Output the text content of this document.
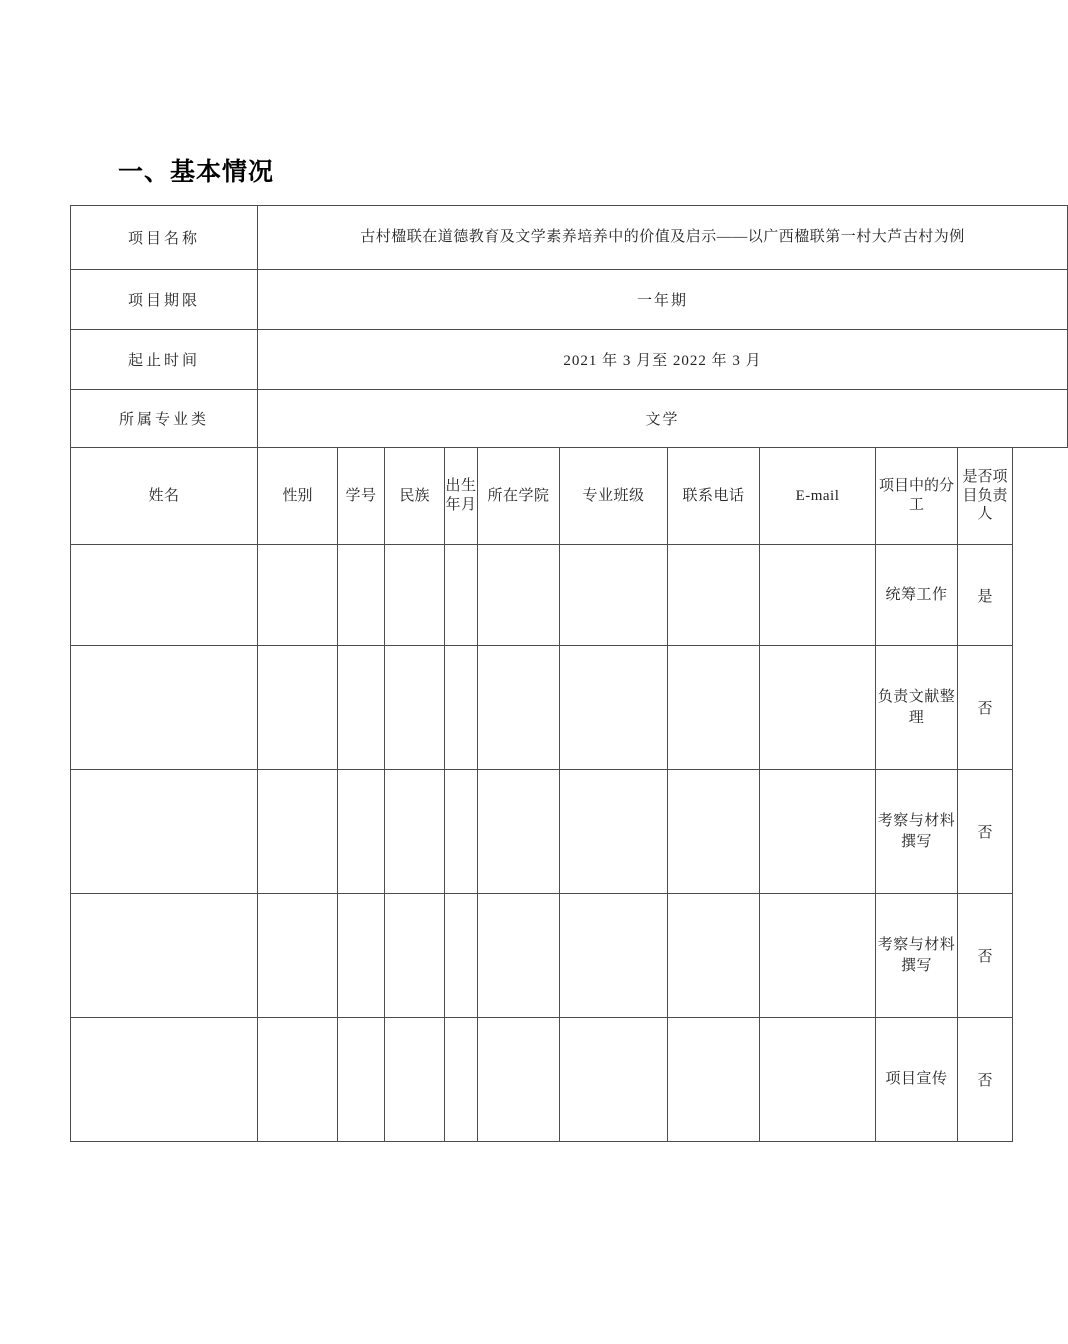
一、基本情况
项目名称	古村楹联在道德教育及文学素养培养中的价值及启示——以广西楹联第一村大芦古村为例									
项目期限	一年期									
起止时间	2021 年 3 月至 2022 年 3 月									
所属专业类	文学									
姓名	性别	学号	民族	出生年月	所在学院	专业班级	联系电话	E-mail	项目中的分工	是否项目负责人
									统筹工作	是
									负责文献整理	否
									考察与材料撰写	否
									考察与材料撰写	否
									项目宣传	否
